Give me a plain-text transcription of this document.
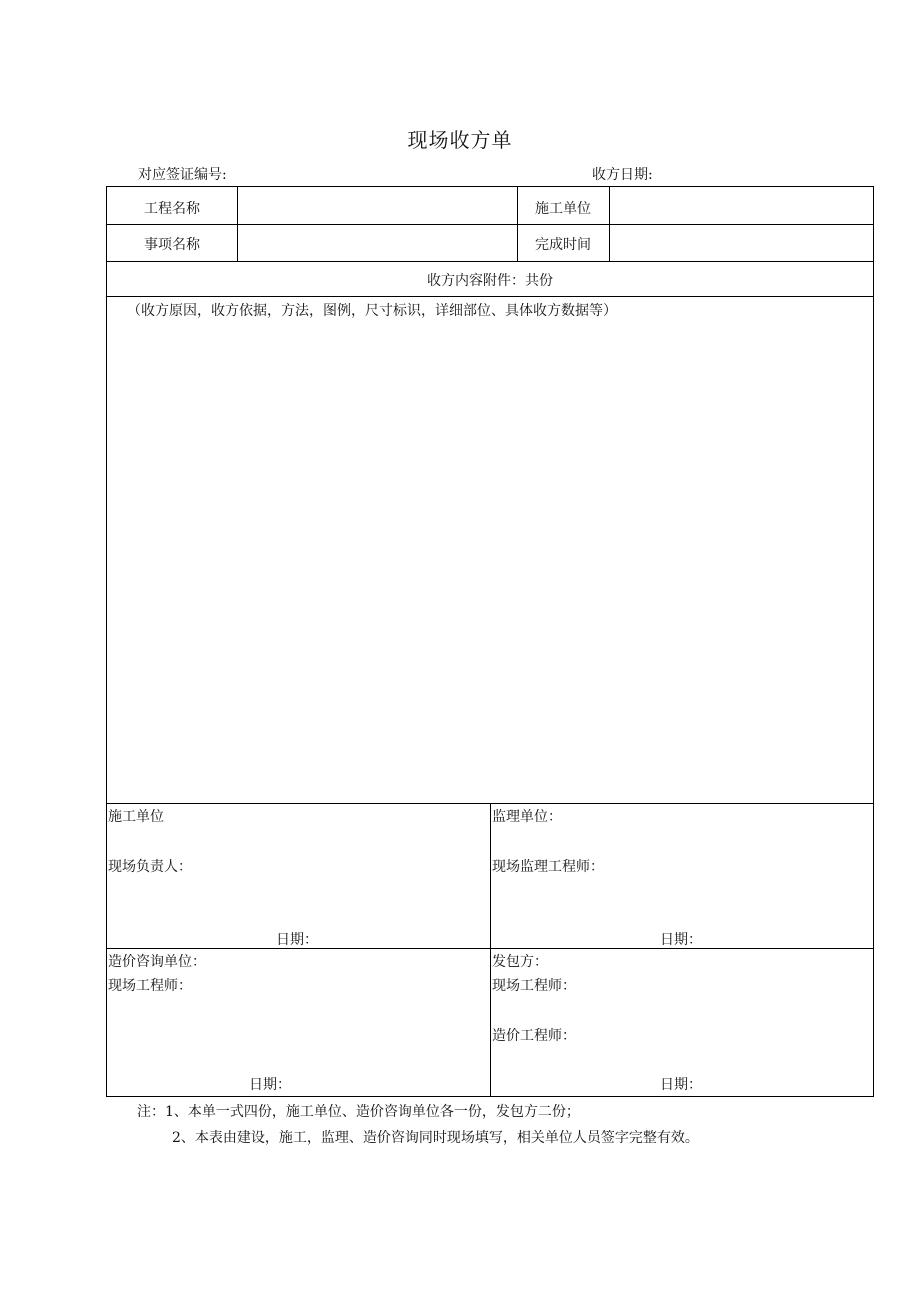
现场收方单
对应签证编号:	收方日期:
工程名称	施工单位
事项名称	完成时间
收方内容附件：共份
（收方原因，收方依据，方法，图例，尺寸标识，详细部位、具体收方数据等）
施工单位
现场负责人：
日期：
监理单位：
现场监理工程师：
日期：
造价咨询单位：
现场工程师：
日期：
发包方：
现场工程师：
造价工程师：
日期：
注：1、本单一式四份，施工单位、造价咨询单位各一份，发包方二份；
2、本表由建设，施工，监理、造价咨询同时现场填写，相关单位人员签字完整有效。
